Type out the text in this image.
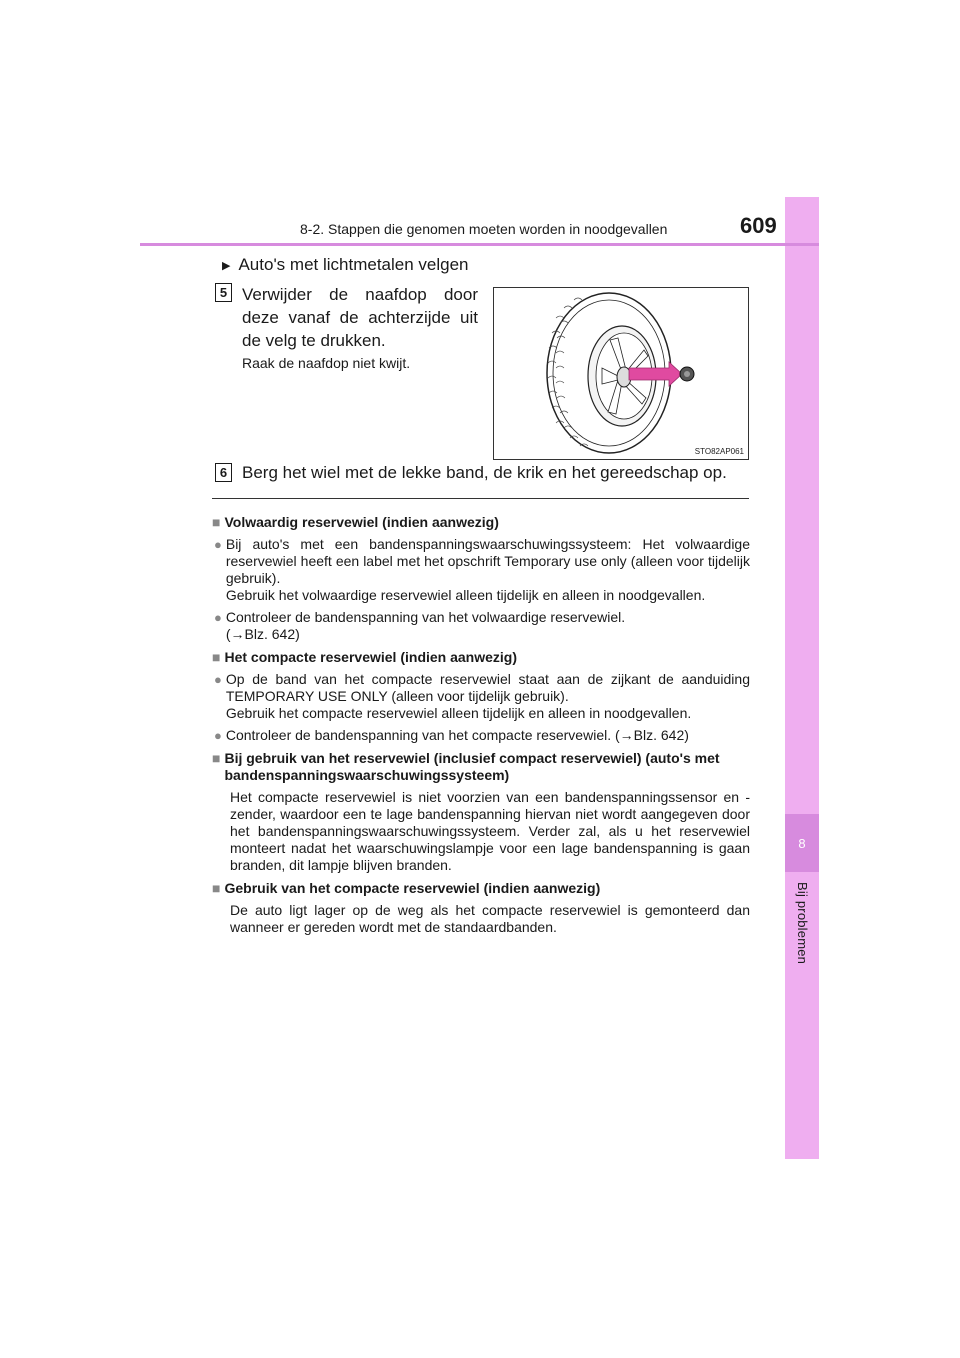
8
Bij problemen
8-2. Stappen die genomen moeten worden in noodgevallen	609
▶ Auto's met lichtmetalen velgen
5 Verwijder de naafdop door deze vanaf de achterzijde uit de velg te drukken.
Raak de naafdop niet kwijt.
STO82AP061
6 Berg het wiel met de lekke band, de krik en het gereedschap op.
■ Volwaardig reservewiel (indien aanwezig)
● Bij auto's met een bandenspanningswaarschuwingssysteem: Het volwaardige reservewiel heeft een label met het opschrift Temporary use only (alleen voor tijdelijk gebruik).
Gebruik het volwaardige reservewiel alleen tijdelijk en alleen in noodgevallen.
● Controleer de bandenspanning van het volwaardige reservewiel.
(→Blz. 642)
■ Het compacte reservewiel (indien aanwezig)
● Op de band van het compacte reservewiel staat aan de zijkant de aanduiding TEMPORARY USE ONLY (alleen voor tijdelijk gebruik).
Gebruik het compacte reservewiel alleen tijdelijk en alleen in noodgevallen.
● Controleer de bandenspanning van het compacte reservewiel. (→Blz. 642)
■ Bij gebruik van het reservewiel (inclusief compact reservewiel) (auto's met bandenspanningswaarschuwingssysteem)
Het compacte reservewiel is niet voorzien van een bandenspanningssensor en -zender, waardoor een te lage bandenspanning hiervan niet wordt aangegeven door het bandenspanningswaarschuwingssysteem. Verder zal, als u het reservewiel monteert nadat het waarschuwingslampje voor een lage bandenspanning is gaan branden, dit lampje blijven branden.
■ Gebruik van het compacte reservewiel (indien aanwezig)
De auto ligt lager op de weg als het compacte reservewiel is gemonteerd dan wanneer er gereden wordt met de standaardbanden.
